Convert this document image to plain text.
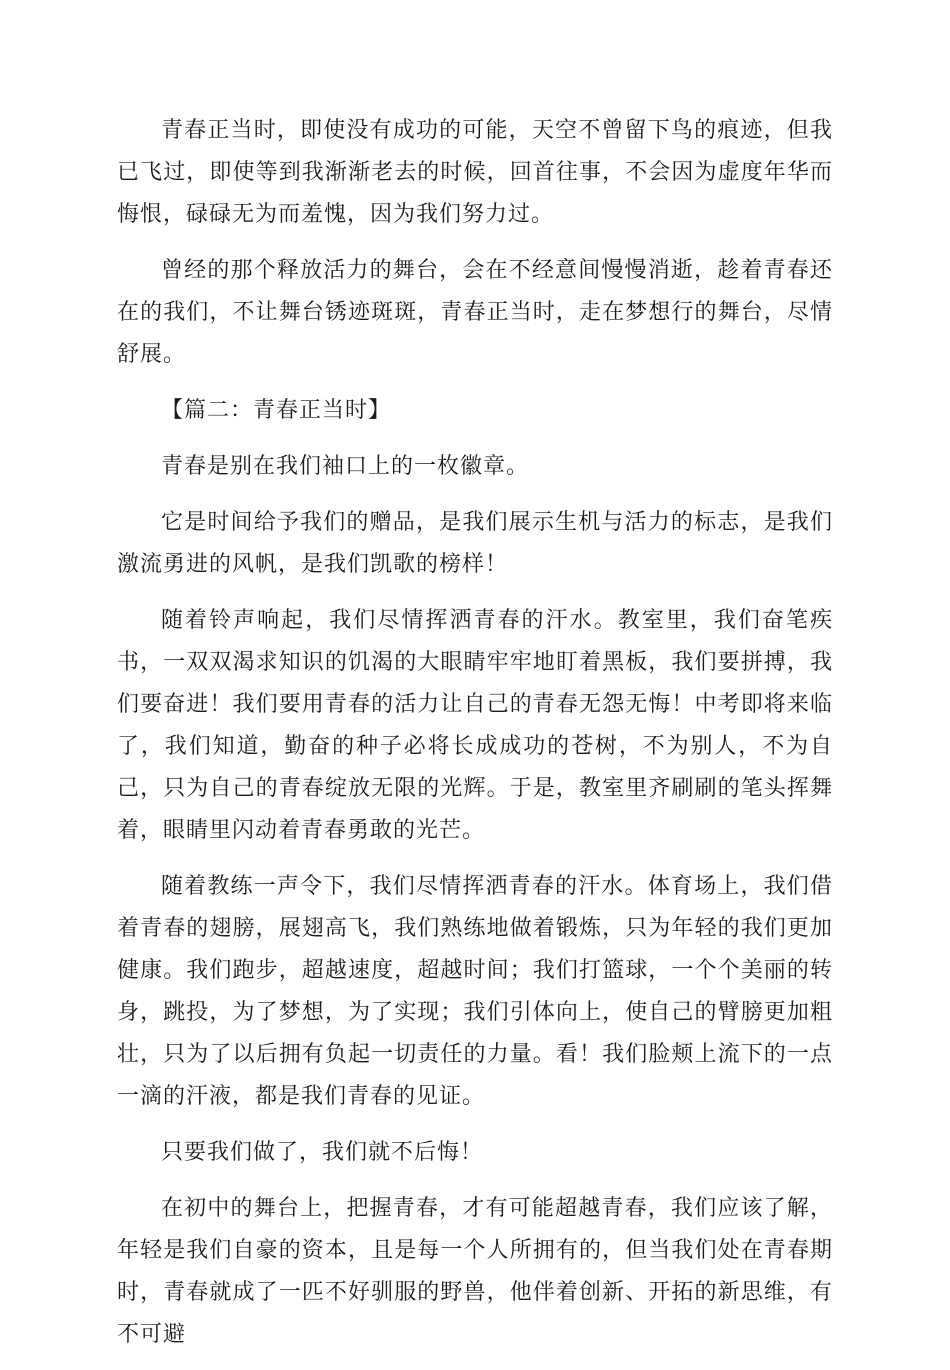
青春正当时，即使没有成功的可能，天空不曾留下鸟的痕迹，但我已飞过，即使等到我渐渐老去的时候，回首往事，不会因为虚度年华而悔恨，碌碌无为而羞愧，因为我们努力过。

曾经的那个释放活力的舞台，会在不经意间慢慢消逝，趁着青春还在的我们，不让舞台锈迹斑斑，青春正当时，走在梦想行的舞台，尽情舒展。

【篇二：青春正当时】

青春是别在我们袖口上的一枚徽章。

它是时间给予我们的赠品，是我们展示生机与活力的标志，是我们激流勇进的风帆，是我们凯歌的榜样！

随着铃声响起，我们尽情挥洒青春的汗水。教室里，我们奋笔疾书，一双双渴求知识的饥渴的大眼睛牢牢地盯着黑板，我们要拼搏，我们要奋进！我们要用青春的活力让自己的青春无怨无悔！中考即将来临了，我们知道，勤奋的种子必将长成成功的苍树，不为别人，不为自己，只为自己的青春绽放无限的光辉。于是，教室里齐刷刷的笔头挥舞着，眼睛里闪动着青春勇敢的光芒。

随着教练一声令下，我们尽情挥洒青春的汗水。体育场上，我们借着青春的翅膀，展翅高飞，我们熟练地做着锻炼，只为年轻的我们更加健康。我们跑步，超越速度，超越时间；我们打篮球，一个个美丽的转身，跳投，为了梦想，为了实现；我们引体向上，使自己的臂膀更加粗壮，只为了以后拥有负起一切责任的力量。看！我们脸颊上流下的一点一滴的汗液，都是我们青春的见证。

只要我们做了，我们就不后悔！

在初中的舞台上，把握青春，才有可能超越青春，我们应该了解，年轻是我们自豪的资本，且是每一个人所拥有的，但当我们处在青春期时，青春就成了一匹不好驯服的野兽，他伴着创新、开拓的新思维，有不可避
